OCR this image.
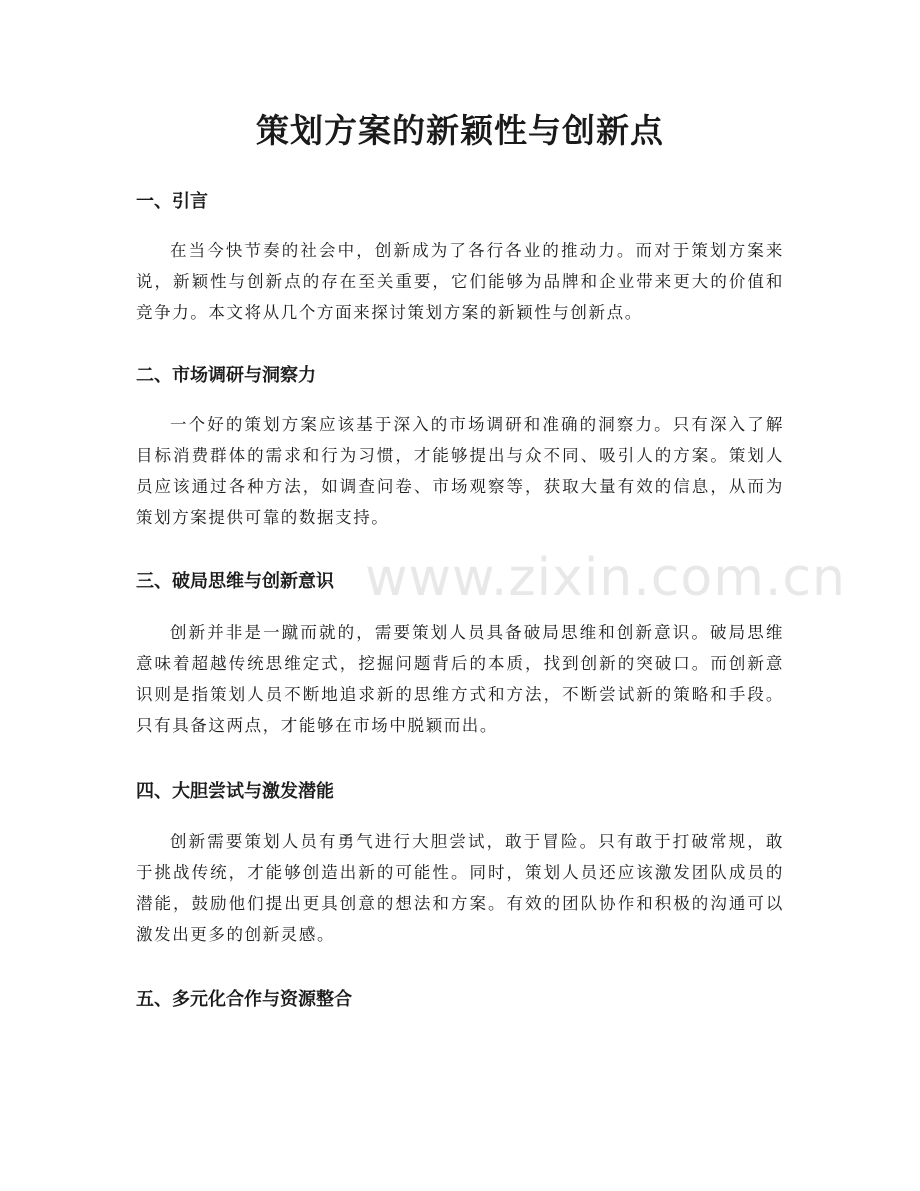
策划方案的新颖性与创新点
一、引言
在当今快节奏的社会中，创新成为了各行各业的推动力。而对于策划方案来说，新颖性与创新点的存在至关重要，它们能够为品牌和企业带来更大的价值和竞争力。本文将从几个方面来探讨策划方案的新颖性与创新点。
二、市场调研与洞察力
一个好的策划方案应该基于深入的市场调研和准确的洞察力。只有深入了解目标消费群体的需求和行为习惯，才能够提出与众不同、吸引人的方案。策划人员应该通过各种方法，如调查问卷、市场观察等，获取大量有效的信息，从而为策划方案提供可靠的数据支持。
三、破局思维与创新意识
创新并非是一蹴而就的，需要策划人员具备破局思维和创新意识。破局思维意味着超越传统思维定式，挖掘问题背后的本质，找到创新的突破口。而创新意识则是指策划人员不断地追求新的思维方式和方法，不断尝试新的策略和手段。只有具备这两点，才能够在市场中脱颖而出。
四、大胆尝试与激发潜能
创新需要策划人员有勇气进行大胆尝试，敢于冒险。只有敢于打破常规，敢于挑战传统，才能够创造出新的可能性。同时，策划人员还应该激发团队成员的潜能，鼓励他们提出更具创意的想法和方案。有效的团队协作和积极的沟通可以激发出更多的创新灵感。
五、多元化合作与资源整合
www.zixin.com.cn
